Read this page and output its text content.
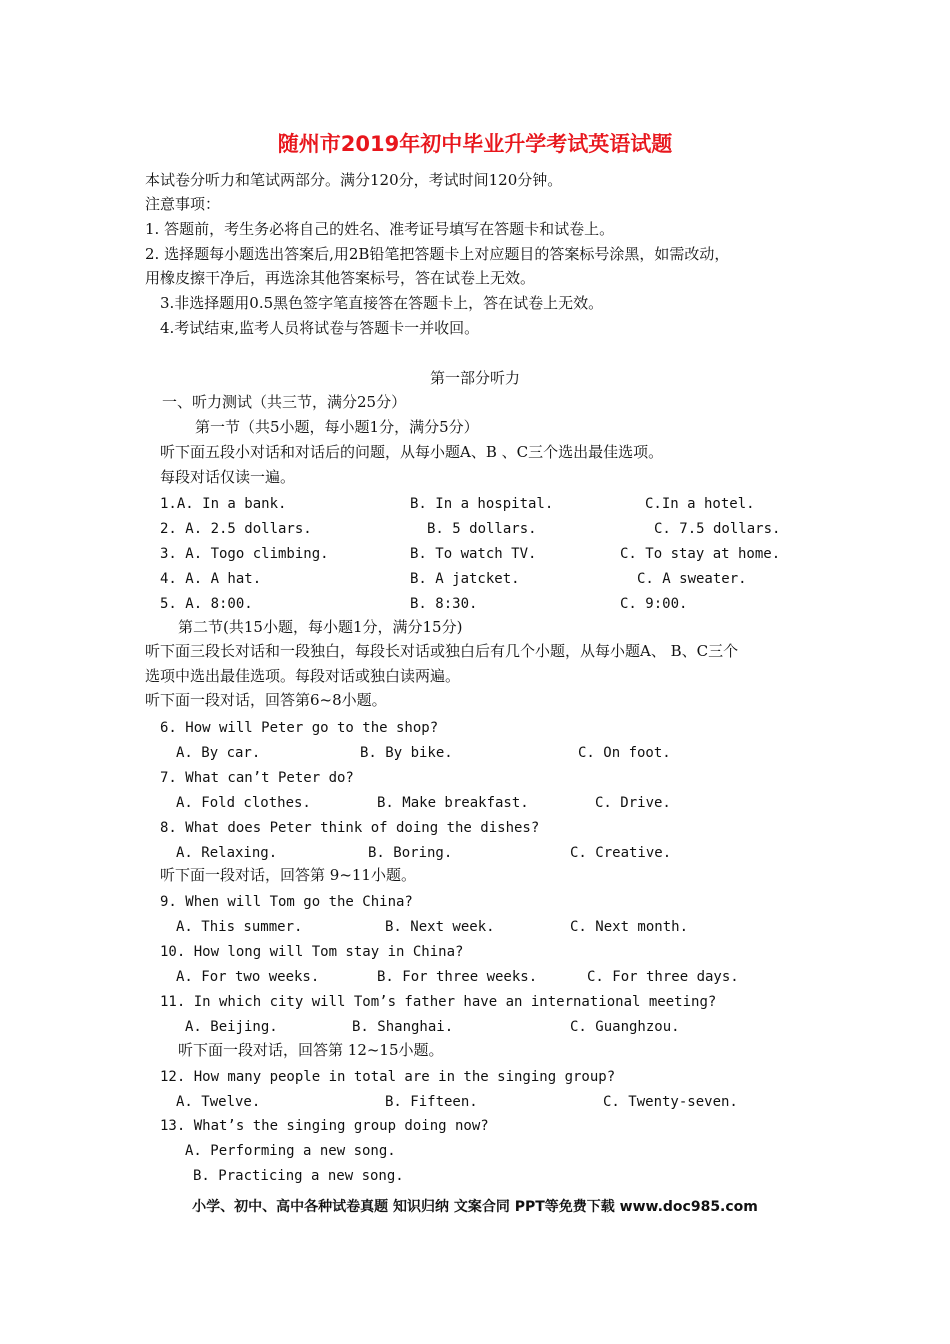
随州市2019年初中毕业升学考试英语试题
本试卷分听力和笔试两部分。满分120分，考试时间120分钟。
注意事项：
1. 答题前，考生务必将自己的姓名、准考证号填写在答题卡和试卷上。
2. 选择题每小题选出答案后,用2B铅笔把答题卡上对应题目的答案标号涂黑，如需改动，
用橡皮擦干净后，再选涂其他答案标号，答在试卷上无效。
3.非选择题用0.5黑色签字笔直接答在答题卡上，答在试卷上无效。
4.考试结束,监考人员将试卷与答题卡一并收回。
第一部分听力
一、听力测试（共三节，满分25分）
第一节（共5小题，每小题1分，满分5分）
听下面五段小对话和对话后的问题，从每小题A、B 、C三个选出最佳选项。
每段对话仅读一遍。
1.A. In a bank.	B. In a hospital.	C.In a hotel.
2. A. 2.5 dollars.	B. 5 dollars.	C. 7.5 dollars.
3. A. Togo climbing.	B. To watch TV.	C. To stay at home.
4. A. A hat.	B. A jatcket.	C. A sweater.
5. A. 8:00.	B. 8:30.	C. 9:00.
第二节(共15小题，每小题1分，满分15分)
听下面三段长对话和一段独白，每段长对话或独白后有几个小题，从每小题A、 B、C三个
选项中选出最佳选项。每段对话或独白读两遍。
听下面一段对话，回答第6~8小题。
6. How will Peter go to the shop?
A. By car.	B. By bike.	C. On foot.
7. What can’t Peter do?
A. Fold clothes.	B. Make breakfast.	C. Drive.
8. What does Peter think of doing the dishes?
A. Relaxing.	B. Boring.	C. Creative.
听下面一段对话，回答第 9~11小题。
9. When will Tom go the China?
A. This summer.	B. Next week.	C. Next month.
10. How long will Tom stay in China?
A. For two weeks.	B. For three weeks.	C. For three days.
11. In which city will Tom’s father have an international meeting?
A. Beijing.	B. Shanghai.	C. Guanghzou.
听下面一段对话，回答第 12~15小题。
12. How many people in total are in the singing group?
A. Twelve.	B. Fifteen.	C. Twenty-seven.
13. What’s the singing group doing now?
A. Performing a new song.
B. Practicing a new song.
小学、初中、高中各种试卷真题 知识归纳 文案合同 PPT等免费下载 www.doc985.com
